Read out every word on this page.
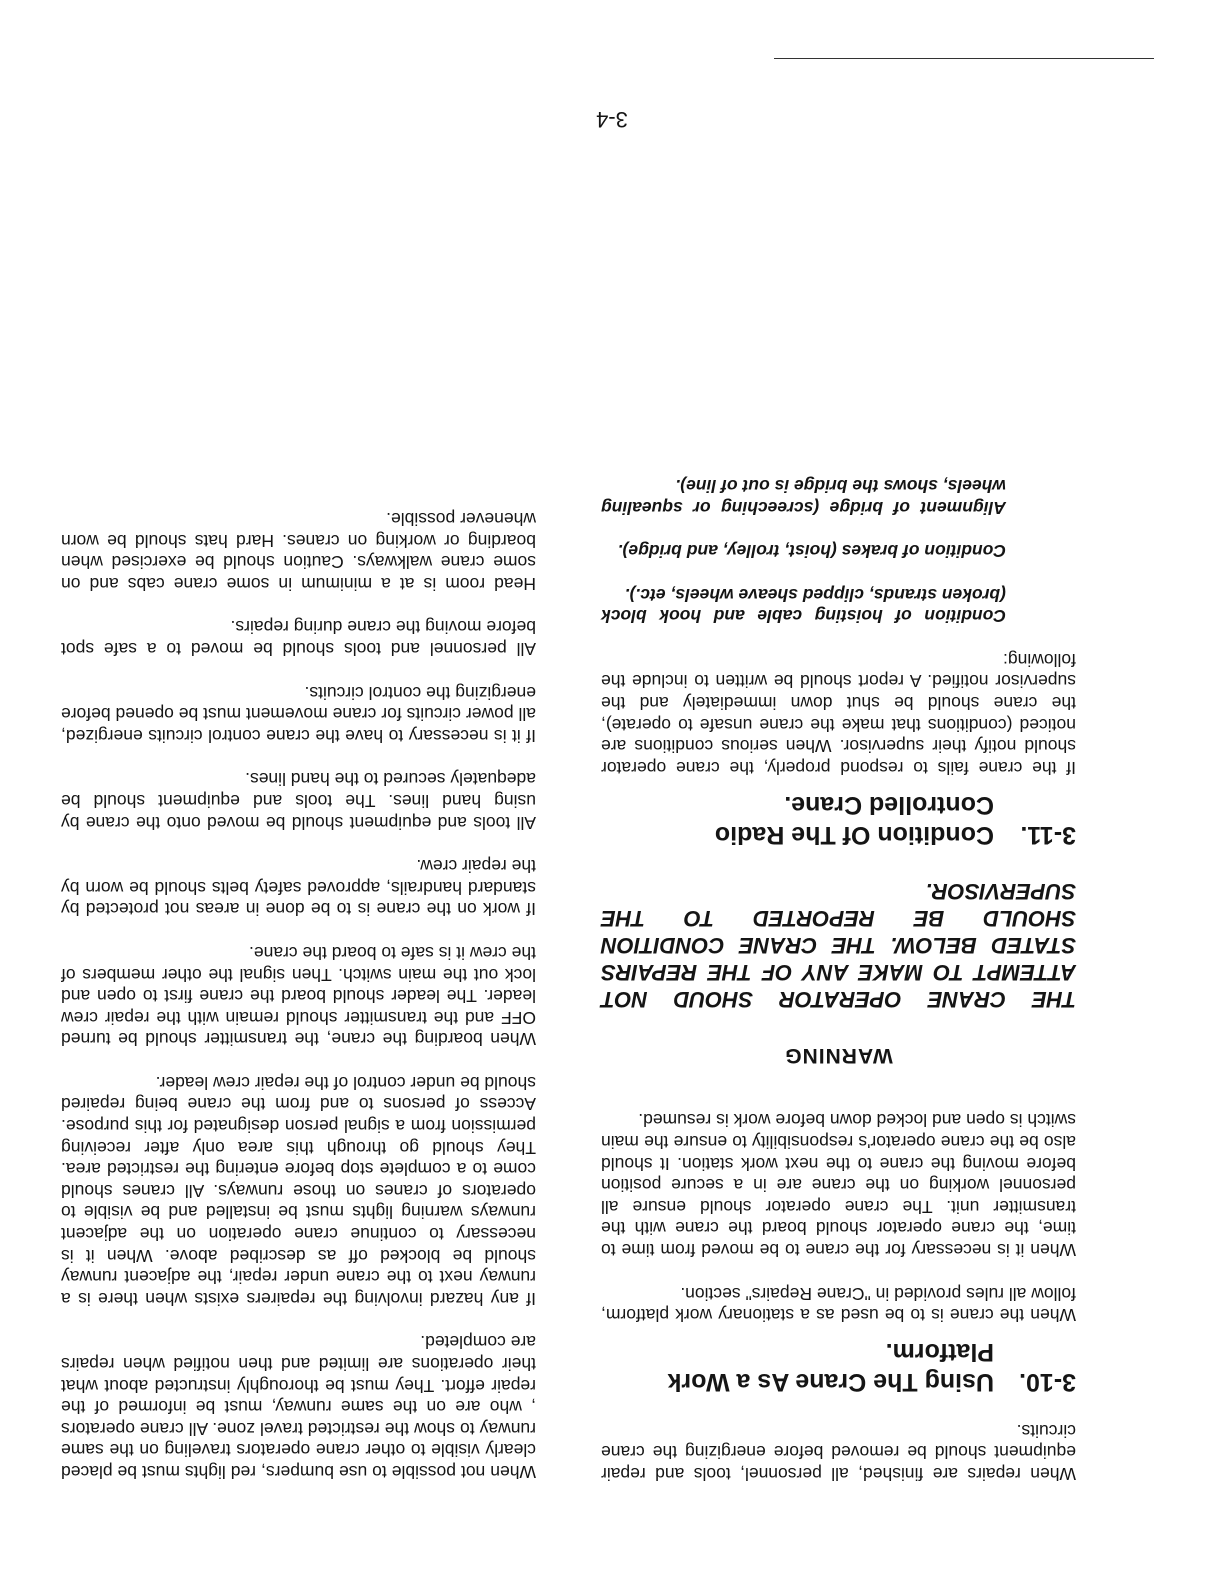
When repairs are finished, all personnel, tools and repair equipment should be removed before energizing the crane circuits.

3-10.Using The Crane As a Work
Platform.

When the crane is to be used as a stationary work platform, follow all rules provided in "Crane Repairs" section.

When it is necessary for the crane to be moved from time to time, the crane operator should board the crane with the transmitter unit. The crane operator should ensure all personnel working on the crane are in a secure position before moving the crane to the next work station. It should also be the crane operator's responsibility to ensure the main switch is open and locked down before work is resumed.

WARNING
THE CRANE OPERATOR SHOUD NOT ATTEMPT TO MAKE ANY OF THE REPAIRS STATED BELOW. THE CRANE CONDITION SHOULD BE REPORTED TO THE SUPERVISOR.
3-11.Condition Of The Radio
Controlled Crane.

If the crane fails to respond properly, the crane operator should notify their supervisor. When serious conditions are noticed (conditions that make the crane unsafe to operate), the crane should be shut down immediately and the supervisor notified. A report should be written to include the following:

Condition of hoisting cable and hook block (broken strands, clipped sheave wheels, etc.).
Condition of brakes (hoist, trolley, and bridge).
Alignment of bridge (screeching or squealing wheels, shows the bridge is out of line).

When not possible to use bumpers, red lights must be placed clearly visible to other crane operators traveling on the same runway to show the restricted travel zone. All crane operators , who are on the same runway, must be informed of the repair effort. They must be thoroughly instructed about what their operations are limited and then notified when repairs are completed.

If any hazard involving the repairers exists when there is a runway next to the crane under repair, the adjacent runway should be blocked off as described above. When it is necessary to continue crane operation on the adjacent runways warning lights must be installed and be visible to operators of cranes on those runways. All cranes should come to a complete stop before entering the restricted area. They should go through this area only after receiving permission from a signal person designated for this purpose. Access of persons to and from the crane being repaired should be under control of the repair crew leader.

When boarding the crane, the transmitter should be turned OFF and the transmitter should remain with the repair crew leader. The leader should board the crane first to open and lock out the main switch. Then signal the other members of the crew it is safe to board the crane.

If work on the crane is to be done in areas not protected by standard handrails, approved safety belts should be worn by the repair crew.

All tools and equipment should be moved onto the crane by using hand lines. The tools and equipment should be adequately secured to the hand lines.

If it is necessary to have the crane control circuits energized, all power circuits for crane movement must be opened before energizing the control circuits.

All personnel and tools should be moved to a safe spot before moving the crane during repairs.

Head room is at a minimum in some crane cabs and on some crane walkways. Caution should be exercised when boarding or working on cranes. Hard hats should be worn whenever possible.

3-4
